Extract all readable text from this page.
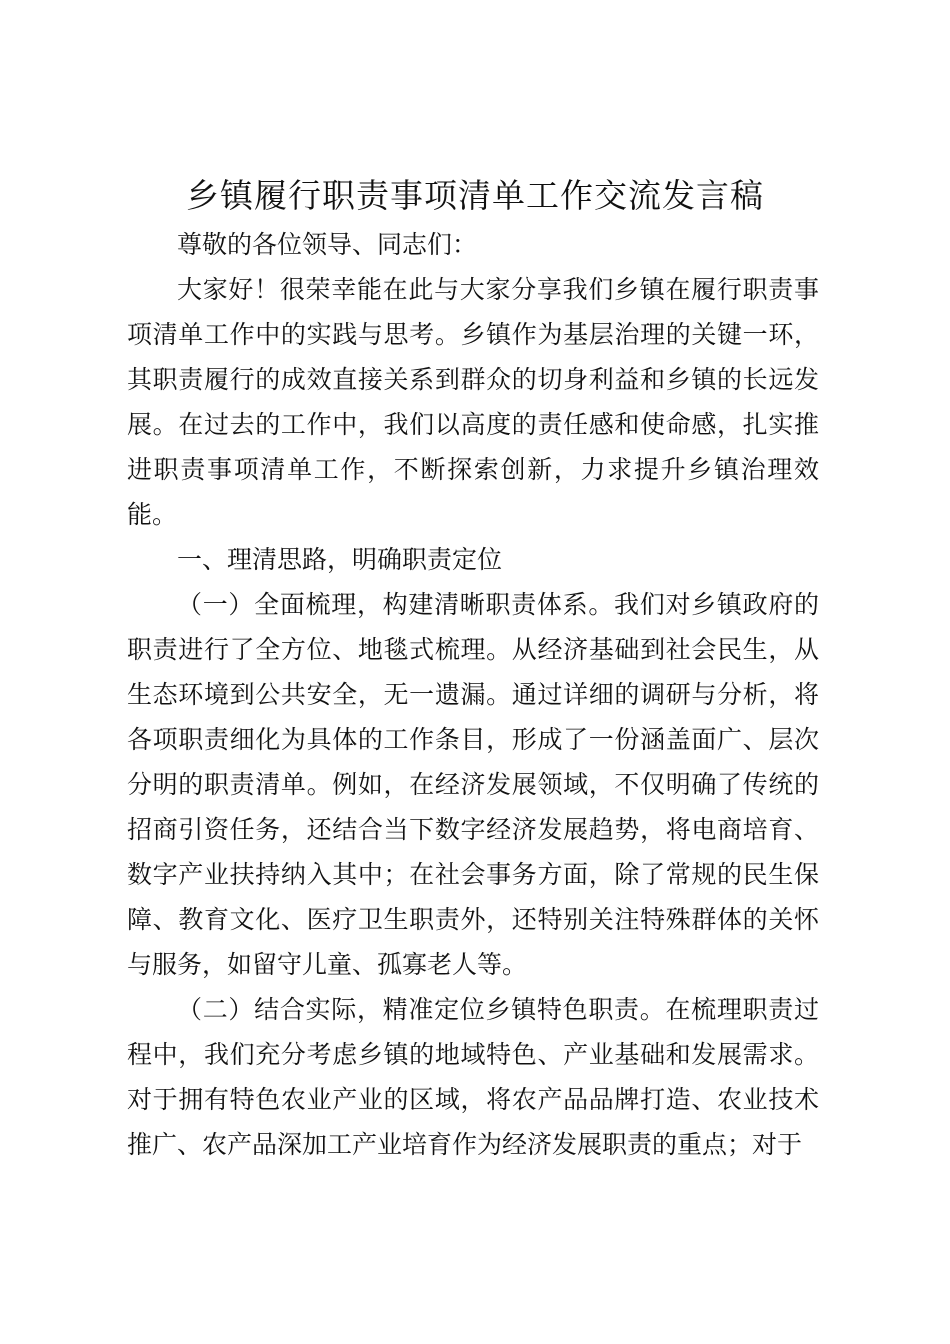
乡镇履行职责事项清单工作交流发言稿

尊敬的各位领导、同志们：

大家好！很荣幸能在此与大家分享我们乡镇在履行职责事项清单工作中的实践与思考。乡镇作为基层治理的关键一环，其职责履行的成效直接关系到群众的切身利益和乡镇的长远发展。在过去的工作中，我们以高度的责任感和使命感，扎实推进职责事项清单工作，不断探索创新，力求提升乡镇治理效能。

一、理清思路，明确职责定位

（一）全面梳理，构建清晰职责体系。我们对乡镇政府的职责进行了全方位、地毯式梳理。从经济基础到社会民生，从生态环境到公共安全，无一遗漏。通过详细的调研与分析，将各项职责细化为具体的工作条目，形成了一份涵盖面广、层次分明的职责清单。例如，在经济发展领域，不仅明确了传统的招商引资任务，还结合当下数字经济发展趋势，将电商培育、数字产业扶持纳入其中；在社会事务方面，除了常规的民生保障、教育文化、医疗卫生职责外，还特别关注特殊群体的关怀与服务，如留守儿童、孤寡老人等。

（二）结合实际，精准定位乡镇特色职责。在梳理职责过程中，我们充分考虑乡镇的地域特色、产业基础和发展需求。对于拥有特色农业产业的区域，将农产品品牌打造、农业技术推广、农产品深加工产业培育作为经济发展职责的重点；对于
